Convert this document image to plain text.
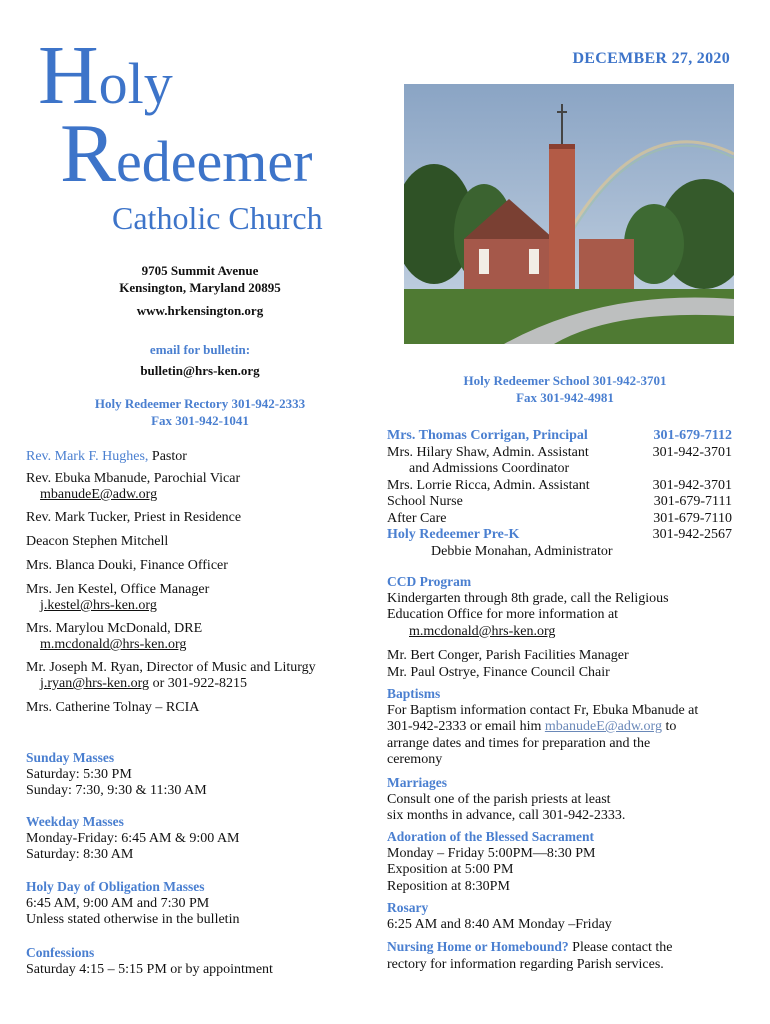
Holy
Redeemer
Catholic Church
DECEMBER 27, 2020
9705 Summit Avenue
Kensington, Maryland 20895
www.hrkensington.org
email for bulletin:
bulletin@hrs-ken.org
Holy Redeemer Rectory 301-942-2333
Fax 301-942-1041
Holy Redeemer School 301-942-3701
Fax 301-942-4981

Rev. Mark F. Hughes, Pastor

Rev. Ebuka Mbanude, Parochial Vicar

mbanudeE@adw.org

Rev. Mark Tucker, Priest in Residence

Deacon Stephen Mitchell

Mrs. Blanca Douki, Finance Officer

Mrs. Jen Kestel, Office Manager

j.kestel@hrs-ken.org

Mrs. Marylou McDonald, DRE

m.mcdonald@hrs-ken.org

Mr. Joseph M. Ryan, Director of Music and Liturgy

j.ryan@hrs-ken.org or 301-922-8215

Mrs. Catherine Tolnay – RCIA

Sunday Masses

Saturday: 5:30 PM

Sunday: 7:30, 9:30 & 11:30 AM

Weekday Masses

Monday-Friday: 6:45 AM & 9:00 AM

Saturday: 8:30 AM

Holy Day of Obligation Masses

6:45 AM, 9:00 AM and 7:30 PM

Unless stated otherwise in the bulletin

Confessions

Saturday 4:15 – 5:15 PM or by appointment

Mrs. Thomas Corrigan, Principal	301-679-7112
Mrs. Hilary Shaw, Admin. Assistant	301-942-3701
and Admissions Coordinator
Mrs. Lorrie Ricca, Admin. Assistant	301-942-3701
School Nurse	301-679-7111
After Care	301-679-7110
Holy Redeemer Pre-K	301-942-2567
Debbie Monahan, Administrator

CCD Program

Kindergarten through 8th grade, call the Religious

Education Office for more information at

m.mcdonald@hrs-ken.org

Mr. Bert Conger, Parish Facilities Manager

Mr. Paul Ostrye, Finance Council Chair

Baptisms

For Baptism information contact Fr, Ebuka Mbanude at

301-942-2333 or email him mbanudeE@adw.org to

arrange dates and times for preparation and the

ceremony

Marriages

Consult one of the parish priests at least

six months in advance, call 301-942-2333.

Adoration of the Blessed Sacrament

Monday – Friday 5:00PM—8:30 PM

Exposition at 5:00 PM

Reposition at 8:30PM

Rosary

6:25 AM and 8:40 AM Monday –Friday

Nursing Home or Homebound? Please contact the

rectory for information regarding Parish services.
